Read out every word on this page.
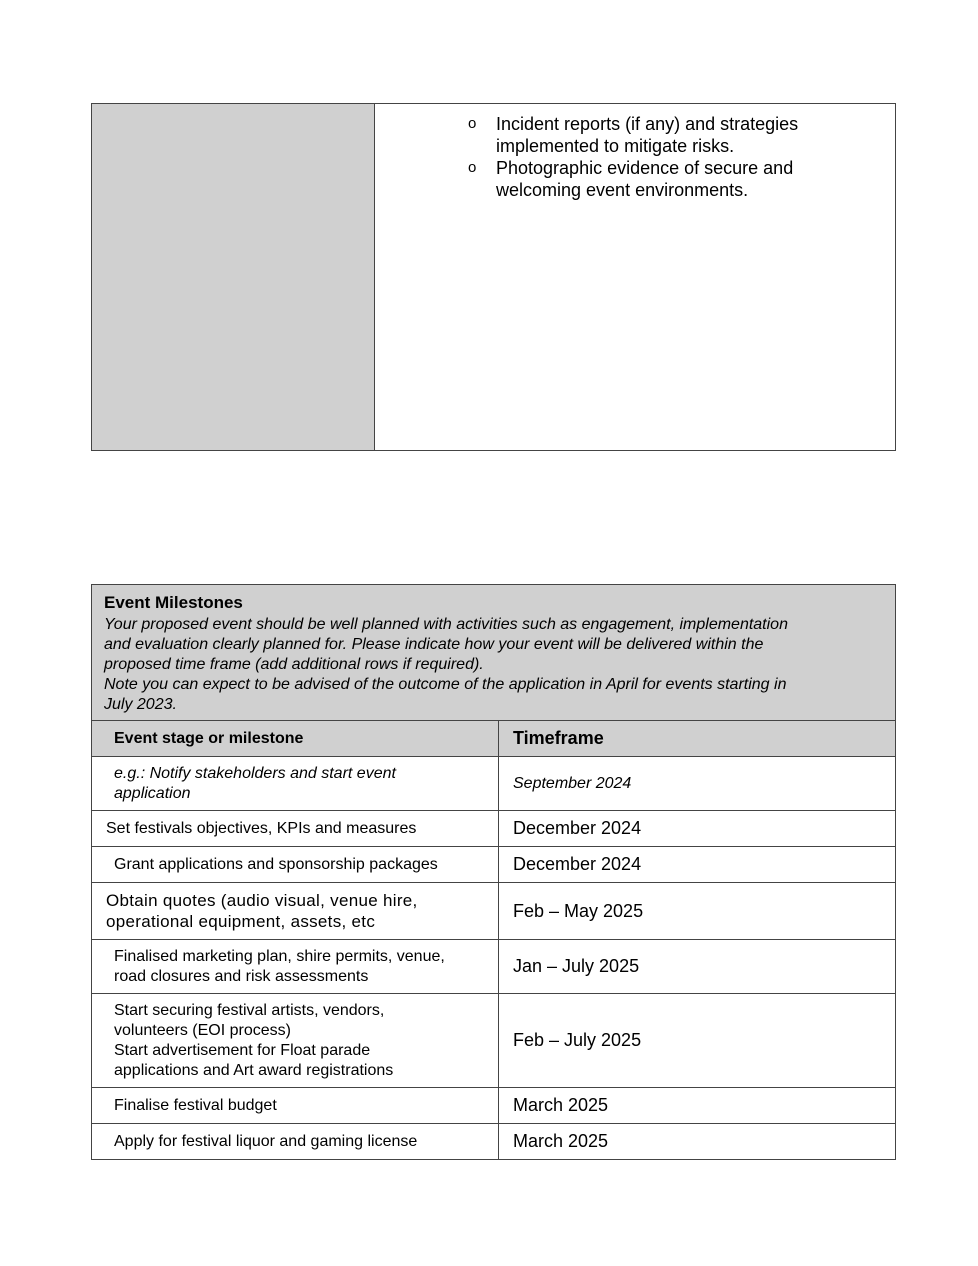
o Incident reports (if any) and strategies implemented to mitigate risks.
o Photographic evidence of secure and welcoming event environments.
Event Milestones
Your proposed event should be well planned with activities such as engagement, implementation
and evaluation clearly planned for. Please indicate how your event will be delivered within the
proposed time frame (add additional rows if required).
Note you can expect to be advised of the outcome of the application in April for events starting in
July 2023.
Event stage or milestone	Timeframe
e.g.: Notify stakeholders and start event
application
September 2024
Set festivals objectives, KPIs and measures	December 2024
Grant applications and sponsorship packages	December 2024
Obtain quotes (audio visual, venue hire,
operational equipment, assets, etc
Feb – May 2025
Finalised marketing plan, shire permits, venue,
road closures and risk assessments	Jan – July 2025
Start securing festival artists, vendors,
volunteers (EOI process)
Start advertisement for Float parade
applications and Art award registrations
Feb – July 2025
Finalise festival budget	March 2025
Apply for festival liquor and gaming license	March 2025
